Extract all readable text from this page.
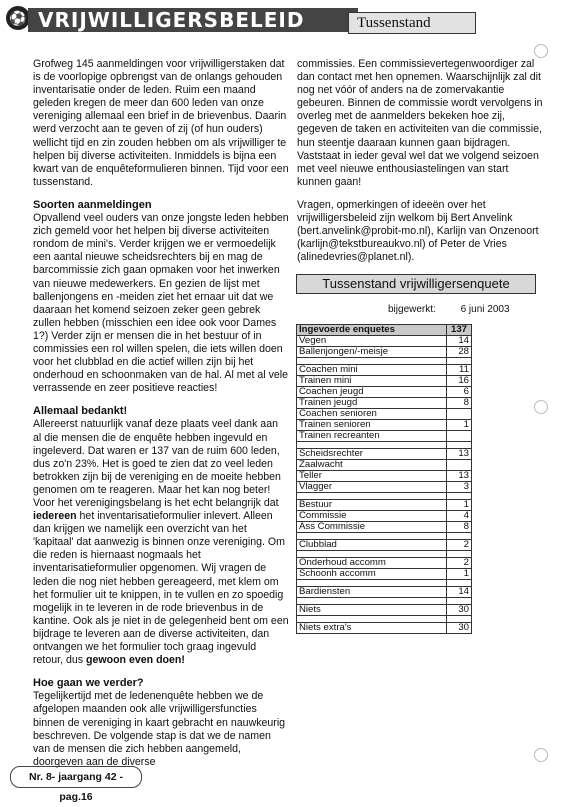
⚽ VRIJWILLIGERSBELEID	Tussenstand

Grofweg 145 aanmeldingen voor vrijwilligerstaken dat is de voorlopige opbrengst van de onlangs gehouden inventarisatie onder de leden. Ruim een maand geleden kregen de meer dan 600 leden van onze vereniging allemaal een brief in de brievenbus. Daarin werd verzocht aan te geven of zij (of hun ouders) wellicht tijd en zin zouden hebben om als vrijwilliger te helpen bij diverse activiteiten. Inmiddels is bijna een kwart van de enquêteformulieren binnen. Tijd voor een tussenstand.

Soorten aanmeldingen

Opvallend veel ouders van onze jongste leden hebben zich gemeld voor het helpen bij diverse activiteiten rondom de mini's. Verder krijgen we er vermoedelijk een aantal nieuwe scheidsrechters bij en mag de barcommissie zich gaan opmaken voor het inwerken van nieuwe medewerkers. En gezien de lijst met ballenjongens en -meiden ziet het ernaar uit dat we daaraan het komend seizoen zeker geen gebrek zullen hebben (misschien een idee ook voor Dames 1?) Verder zijn er mensen die in het bestuur of in commissies een rol willen spelen, die iets willen doen voor het clubblad en die actief willen zijn bij het onderhoud en schoonmaken van de hal. Al met al vele verrassende en zeer positieve reacties!

Allemaal bedankt!

Allereerst natuurlijk vanaf deze plaats veel dank aan al die mensen die de enquête hebben ingevuld en ingeleverd. Dat waren er 137 van de ruim 600 leden, dus zo'n 23%. Het is goed te zien dat zo veel leden betrokken zijn bij de vereniging en de moeite hebben genomen om te reageren. Maar het kan nog beter! Voor het verenigingsbelang is het echt belangrijk dat iedereen het inventarisatieformulier inlevert. Alleen dan krijgen we namelijk een overzicht van het 'kapitaal' dat aanwezig is binnen onze vereniging. Om die reden is hiernaast nogmaals het inventarisatieformulier opgenomen. Wij vragen de leden die nog niet hebben gereageerd, met klem om het formulier uit te knippen, in te vullen en zo spoedig mogelijk in te leveren in de rode brievenbus in de kantine. Ook als je niet in de gelegenheid bent om een bijdrage te leveren aan de diverse activiteiten, dan ontvangen we het formulier toch graag ingevuld retour, dus gewoon even doen!

Hoe gaan we verder?

Tegelijkertijd met de ledenenquête hebben we de afgelopen maanden ook alle vrijwilligersfuncties binnen de vereniging in kaart gebracht en nauwkeurig beschreven. De volgende stap is dat we de namen van de mensen die zich hebben aangemeld, doorgeven aan de diverse

commissies. Een commissievertegenwoordiger zal dan contact met hen opnemen. Waarschijnlijk zal dit nog net vóór of anders na de zomervakantie gebeuren. Binnen de commissie wordt vervolgens in overleg met de aanmelders bekeken hoe zij, gegeven de taken en activiteiten van die commissie, hun steentje daaraan kunnen gaan bijdragen. Vaststaat in ieder geval wel dat we volgend seizoen met veel nieuwe enthousiastelingen van start kunnen gaan!

Vragen, opmerkingen of ideeën over het vrijwilligersbeleid zijn welkom bij Bert Anvelink (bert.anvelink@probit-mo.nl), Karlijn van Onzenoort (karlijn@tekstbureaukvo.nl) of Peter de Vries (alinedevries@planet.nl).

Tussenstand vrijwilligersenquete
bijgewerkt: 6 juni 2003
Ingevoerde enquetes	137
Vegen	14
Ballenjongen/-meisje	28

Coachen mini	11
Trainen mini	16
Coachen jeugd	6
Trainen jeugd	8
Coachen senioren	
Trainen senioren	1
Trainen recreanten	

Scheidsrechter	13
Zaalwacht	
Teller	13
Vlagger	3

Bestuur	1
Commissie	4
Ass Commissie	8

Clubblad	2

Onderhoud accomm	2
Schoonh accomm	1

Bardiensten	14

Niets	30

Niets extra's	30
Nr. 8- jaargang 42 - pag.16
